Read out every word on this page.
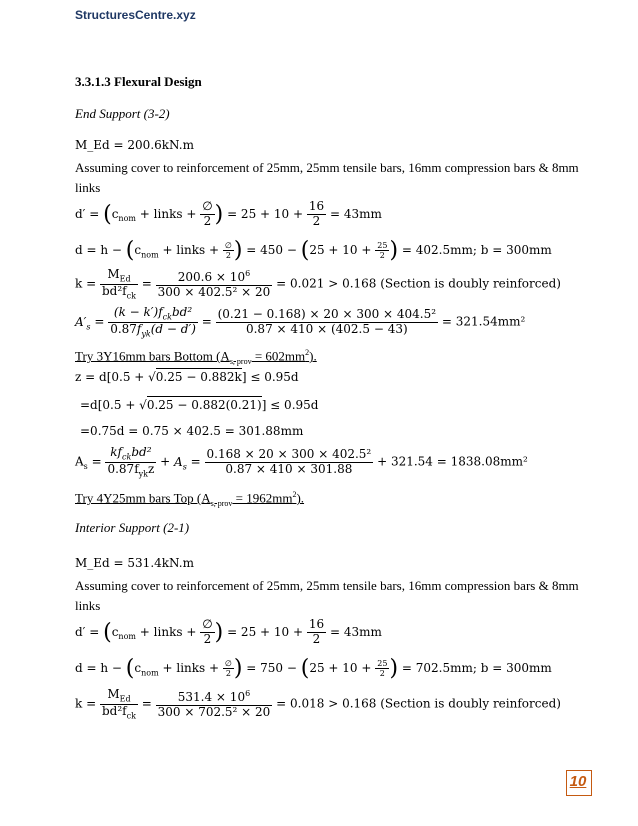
StructuresCentre.xyz
3.3.1.3 Flexural Design
End Support (3-2)
M_Ed = 200.6kN.m
Assuming cover to reinforcement of 25mm, 25mm tensile bars, 16mm compression bars & 8mm
links
$d' = (c_{nom}$ + links + $\frac{\emptyset}{2}$ ) = $25 + 10 + \frac{16}{2} = 43mm$
$d = h - (c_{nom}$ + links + $\frac{\emptyset}{2}$ ) = $450 - (25 + 10 + \frac{25}{2}$ ) = 402.5mm; b = 300mm
$k = \frac{M_{Ed}}{bd^2f_{ck}} = \frac{200.6 \times 10^6}{\text{300 × 402.5² × 20}} = 0.021 > 0.168$ (Section is doubly reinforced)
$A'_s = \frac{(k - k')f_{ck}bd^2}{0.87f_{yk}(d - d')} = \frac{\text{(0.21 − 0.168) × 20 × 300 × 404.5²}}{0.87 \times 410 \times (402.5 - 43)} = 321.54mm^2$
Try 3Y16mm bars Bottom $(A_{s, prov} = 602mm^2)$.
z = d[0.5 + √0.25 − 0.882k] ≤ 0.95d
=d[0.5 + √0.25 − 0.882(0.21)] ≤ 0.95d
=0.75d = 0.75 × 402.5 = 301.88mm
$A_s = \frac{kf_{ck}bd^2}{0.87f_{yk}z} + A_s = \frac{\text{0.168 × 20 × 300 × 402.5²}}{0.87 \times 410 \times 301.88} + 321.54 = 1838.08mm^2$
Try 4Y25mm bars Top $(A_{s, prov} = 1962mm^2)$.
Interior Support (2-1)
M_Ed = 531.4kN.m
Assuming cover to reinforcement of 25mm, 25mm tensile bars, 16mm compression bars & 8mm
links
$d' = (c_{nom}$ + links + $\frac{\emptyset}{2}$ ) = $25 + 10 + \frac{16}{2} = 43mm$
$d = h - (c_{nom}$ + links + $\frac{\emptyset}{2}$ ) = $750 - (25 + 10 + \frac{25}{2}$ ) = 702.5mm; b = 300mm
$k = \frac{M_{Ed}}{bd^2f_{ck}} = \frac{531.4 \times 10^6}{\text{300 × 702.5² × 20}} = 0.018 > 0.168$ (Section is doubly reinforced)
10
